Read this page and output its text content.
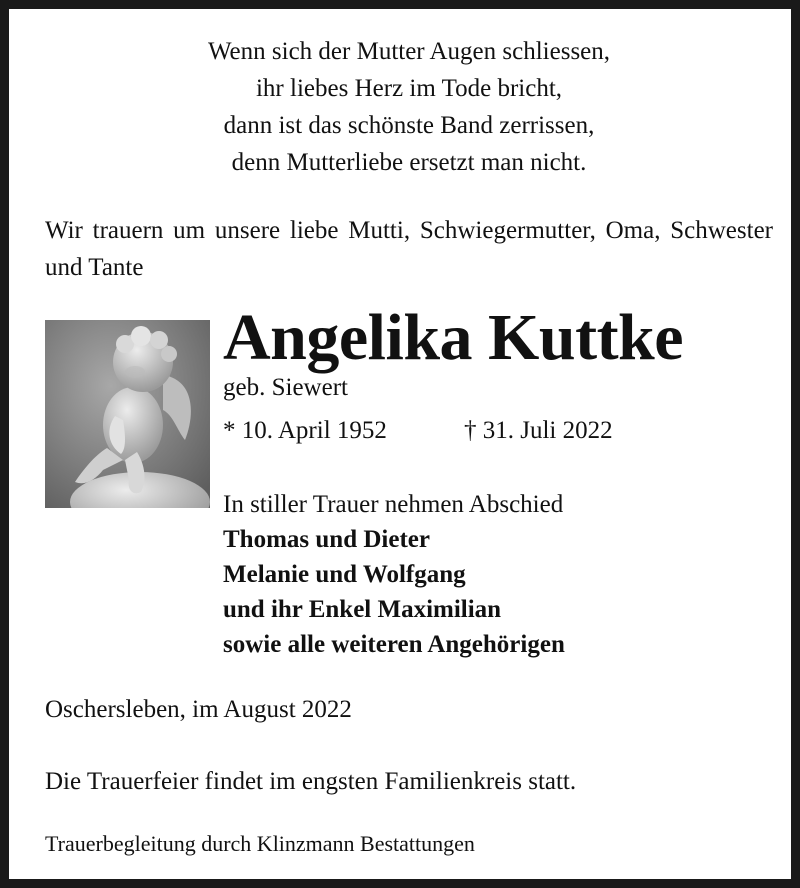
Wenn sich der Mutter Augen schliessen,
ihr liebes Herz im Tode bricht,
dann ist das schönste Band zerrissen,
denn Mutterliebe ersetzt man nicht.
Wir trauern um unsere liebe Mutti, Schwiegermutter, Oma, Schwester und Tante
Angelika Kuttke
geb. Siewert
* 10. April 1952	† 31. Juli 2022
In stiller Trauer nehmen Abschied
Thomas und Dieter
Melanie und Wolfgang
und ihr Enkel Maximilian
sowie alle weiteren Angehörigen
Oschersleben, im August 2022
Die Trauerfeier findet im engsten Familienkreis statt.
Trauerbegleitung durch Klinzmann Bestattungen
